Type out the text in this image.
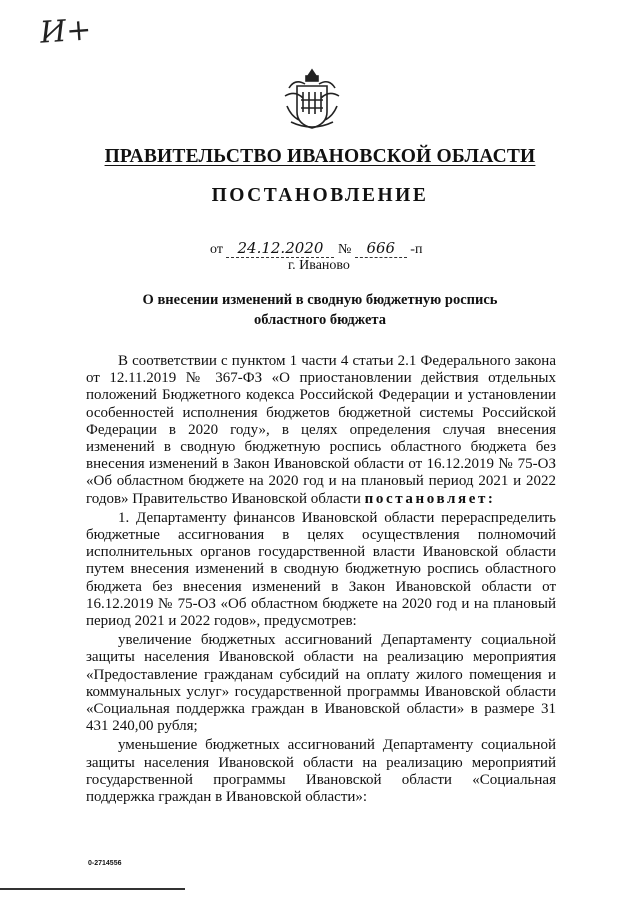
И+
ПРАВИТЕЛЬСТВО ИВАНОВСКОЙ ОБЛАСТИ
ПОСТАНОВЛЕНИЕ
от 24.12.2020 № 666 -п
г. Иваново
О внесении изменений в сводную бюджетную роспись
областного бюджета

В соответствии с пунктом 1 части 4 статьи 2.1 Федерального закона от 12.11.2019 № 367-ФЗ «О приостановлении действия отдельных положений Бюджетного кодекса Российской Федерации и установлении особенностей исполнения бюджетов бюджетной системы Российской Федерации в 2020 году», в целях определения случая внесения изменений в сводную бюджетную роспись областного бюджета без внесения изменений в Закон Ивановской области от 16.12.2019 № 75-ОЗ «Об областном бюджете на 2020 год и на плановый период 2021 и 2022 годов» Правительство Ивановской области постановляет:

1. Департаменту финансов Ивановской области перераспределить бюджетные ассигнования в целях осуществления полномочий исполнительных органов государственной власти Ивановской области путем внесения изменений в сводную бюджетную роспись областного бюджета без внесения изменений в Закон Ивановской области от 16.12.2019 № 75-ОЗ «Об областном бюджете на 2020 год и на плановый период 2021 и 2022 годов», предусмотрев:

увеличение бюджетных ассигнований Департаменту социальной защиты населения Ивановской области на реализацию мероприятия «Предоставление гражданам субсидий на оплату жилого помещения и коммунальных услуг» государственной программы Ивановской области «Социальная поддержка граждан в Ивановской области» в размере 31 431 240,00 рубля;

уменьшение бюджетных ассигнований Департаменту социальной защиты населения Ивановской области на реализацию мероприятий государственной программы Ивановской области «Социальная поддержка граждан в Ивановской области»:

0-2714556
